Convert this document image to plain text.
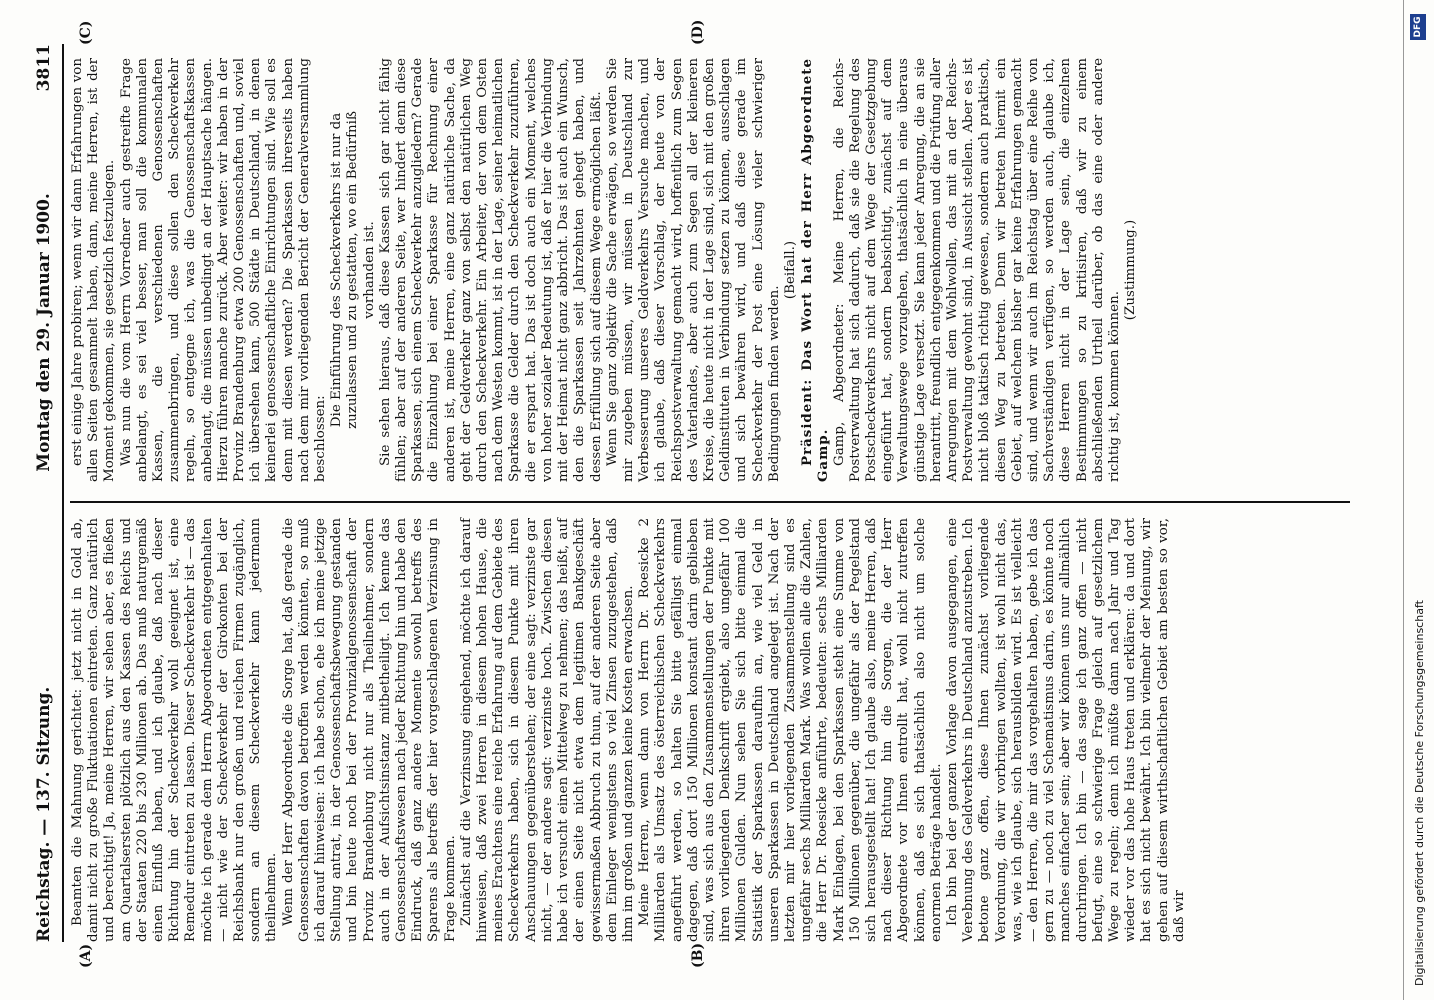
Reichstag. — 137. Sitzung.
Montag den 29. Januar 1900.  3811
(A)	(B)
(C)	(D)

Beamten die Mahnung gerichtet: jetzt nicht in Gold ab, damit nicht zu große Fluktuationen eintreten. Ganz natürlich und berechtigt! Ja, meine Herren, wir sehen aber, es fließen am Quartalsersten plötzlich aus den Kassen des Reichs und der Staaten 220 bis 230 Millionen ab. Das muß naturgemäß einen Einfluß haben, und ich glaube, daß nach dieser Richtung hin der Scheckverkehr wohl geeignet ist, eine Remedur eintreten zu lassen. Dieser Scheckverkehr ist — das möchte ich gerade dem Herrn Abgeordneten entgegenhalten — nicht wie der Scheckverkehr der Girokonten bei der Reichsbank nur den großen und reichen Firmen zugänglich, sondern an diesem Scheckverkehr kann jedermann theilnehmen. Wenn der Herr Abgeordnete die Sorge hat, daß gerade die Genossenschaften davon betroffen werden könnten, so muß ich darauf hinweisen: ich habe schon, ehe ich meine jetzige Stellung antrat, in der Genossenschaftsbewegung gestanden und bin heute noch bei der Provinzialgenossenschaft der Provinz Brandenburg nicht nur als Theilnehmer, sondern auch in der Aufsichtsinstanz mitbetheiligt. Ich kenne das Genossenschaftswesen nach jeder Richtung hin und habe den Eindruck, daß ganz andere Momente sowohl betreffs des Sparens als betreffs der hier vorgeschlagenen Verzinsung in Frage kommen. Zunächst auf die Verzinsung eingehend, möchte ich darauf hinweisen, daß zwei Herren in diesem hohen Hause, die meines Erachtens eine reiche Erfahrung auf dem Gebiete des Scheckverkehrs haben, sich in diesem Punkte mit ihren Anschauungen gegenüberstehen; der eine sagt: verzinste gar nicht, — der andere sagt: verzinste hoch. Zwischen diesen habe ich versucht einen Mittelweg zu nehmen; das heißt, auf der einen Seite nicht etwa dem legitimen Bankgeschäft gewissermaßen Abbruch zu thun, auf der anderen Seite aber dem Einleger wenigstens so viel Zinsen zuzugestehen, daß ihm im großen und ganzen keine Kosten erwachsen. Meine Herren, wenn dann von Herrn Dr. Roesicke 2 Milliarden als Umsatz des österreichischen Scheckverkehrs angeführt werden, so halten Sie bitte gefälligst einmal dagegen, daß dort 150 Millionen konstant darin geblieben sind, was sich aus den Zusammenstellungen der Punkte mit ihren vorliegenden Denkschrift ergiebt, also ungefähr 100 Millionen Gulden. Nun sehen Sie sich bitte einmal die Statistik der Sparkassen daraufhin an, wie viel Geld in unseren Sparkassen in Deutschland angelegt ist. Nach der letzten mir hier vorliegenden Zusammenstellung sind es ungefähr sechs Milliarden Mark. Was wollen alle die Zahlen, die Herr Dr. Roesicke anführte, bedeuten: sechs Milliarden Mark Einlagen, bei den Sparkassen steht eine Summe von 150 Millionen gegenüber, die ungefähr als der Pegelstand sich herausgestellt hat! Ich glaube also, meine Herren, daß nach dieser Richtung hin die Sorgen, die der Herr Abgeordnete vor Ihnen entrollt hat, wohl nicht zutreffen können, daß es sich thatsächlich also nicht um solche enormen Beträge handelt. Ich bin bei der ganzen Vorlage davon ausgegangen, eine Verebnung des Geldverkehrs in Deutschland anzustreben. Ich betone ganz offen, diese Ihnen zunächst vorliegende Verordnung, die wir vorbringen wollten, ist wohl nicht das, was, wie ich glaube, sich herausbilden wird. Es ist vielleicht — den Herren, die mir das vorgehalten haben, gebe ich das gern zu — noch zu viel Schematismus darin, es könnte noch manches einfacher sein; aber wir können uns nur allmählich durchringen. Ich bin — das sage ich ganz offen — nicht befugt, eine so schwierige Frage gleich auf gesetzlichem Wege zu regeln; denn ich müßte dann nach Jahr und Tag wieder vor das hohe Haus treten und erklären: da und dort hat es sich nicht bewährt. Ich bin vielmehr der Meinung, wir gehen auf diesem wirthschaftlichen Gebiet am besten so vor, daß wir

erst einige Jahre probiren; wenn wir dann Erfahrungen von allen Seiten gesammelt haben, dann, meine Herren, ist der Moment gekommen, sie gesetzlich festzulegen. Was nun die vom Herrn Vorredner auch gestreifte Frage anbelangt, es sei viel besser, man soll die kommunalen Kassen, die verschiedenen Genossenschaften zusammenbringen, und diese sollen den Scheckverkehr regeln, so entgegne ich, was die Genossenschaftskassen anbelangt, die müssen unbedingt an der Hauptsache hängen. Hierzu führen manche zurück. Aber weiter: wir haben in der Provinz Brandenburg etwa 200 Genossenschaften und, soviel ich übersehen kann, 500 Städte in Deutschland, in denen keinerlei genossenschaftliche Einrichtungen sind. Wie soll es denn mit diesen werden? Die Sparkassen ihrerseits haben nach dem mir vorliegenden Bericht der Generalversammlung beschlossen:

Die Einführung des Scheckverkehrs ist nur da zuzulassen und zu gestatten, wo ein Bedürfniß vorhanden ist. Sie sehen hieraus, daß diese Kassen sich gar nicht fähig fühlen; aber auf der anderen Seite, wer hindert denn diese Sparkassen, sich einem Scheckverkehr anzugliedern? Gerade die Einzahlung bei einer Sparkasse für Rechnung einer anderen ist, meine Herren, eine ganz natürliche Sache, da geht der Geldverkehr ganz von selbst den natürlichen Weg durch den Scheckverkehr. Ein Arbeiter, der von dem Osten nach dem Westen kommt, ist in der Lage, seiner heimatlichen Sparkasse die Gelder durch den Scheckverkehr zuzuführen, die er erspart hat. Das ist doch auch ein Moment, welches von hoher sozialer Bedeutung ist, daß er hier die Verbindung mit der Heimat nicht ganz abbricht. Das ist auch ein Wunsch, den die Sparkassen seit Jahrzehnten gehegt haben, und dessen Erfüllung sich auf diesem Wege ermöglichen läßt. Wenn Sie ganz objektiv die Sache erwägen, so werden Sie mir zugeben müssen, wir müssen in Deutschland zur Verbesserung unseres Geldverkehrs Versuche machen, und ich glaube, daß dieser Vorschlag, der heute von der Reichspostverwaltung gemacht wird, hoffentlich zum Segen des Vaterlandes, aber auch zum Segen all der kleineren Kreise, die heute nicht in der Lage sind, sich mit den großen Geldinstituten in Verbindung setzen zu können, ausschlagen und sich bewähren wird, und daß diese gerade im Scheckverkehr der Post eine Lösung vieler schwieriger Bedingungen finden werden.

(Beifall.) Präsident: Das Wort hat der Herr Abgeordnete Gamp. Gamp, Abgeordneter: Meine Herren, die Reichs-Postverwaltung hat sich dadurch, daß sie die Regelung des Postscheckverkehrs nicht auf dem Wege der Gesetzgebung eingeführt hat, sondern beabsichtigt, zunächst auf dem Verwaltungswege vorzugehen, thatsächlich in eine überaus günstige Lage versetzt. Sie kann jeder Anregung, die an sie herantritt, freundlich entgegenkommen und die Prüfung aller Anregungen mit dem Wohlwollen, das mit an der Reichs-Postverwaltung gewohnt sind, in Aussicht stellen. Aber es ist nicht bloß taktisch richtig gewesen, sondern auch praktisch, diesen Weg zu betreten. Denn wir betreten hiermit ein Gebiet, auf welchem bisher gar keine Erfahrungen gemacht sind, und wenn wir auch im Reichstag über eine Reihe von Sachverständigen verfügen, so werden auch, glaube ich, diese Herren nicht in der Lage sein, die einzelnen Bestimmungen so zu kritisiren, daß wir zu einem abschließenden Urtheil darüber, ob das eine oder andere richtig ist, kommen können.

(Zustimmung.)

Digitalisierung gefördert durch die Deutsche Forschungsgemeinschaft
DFG
